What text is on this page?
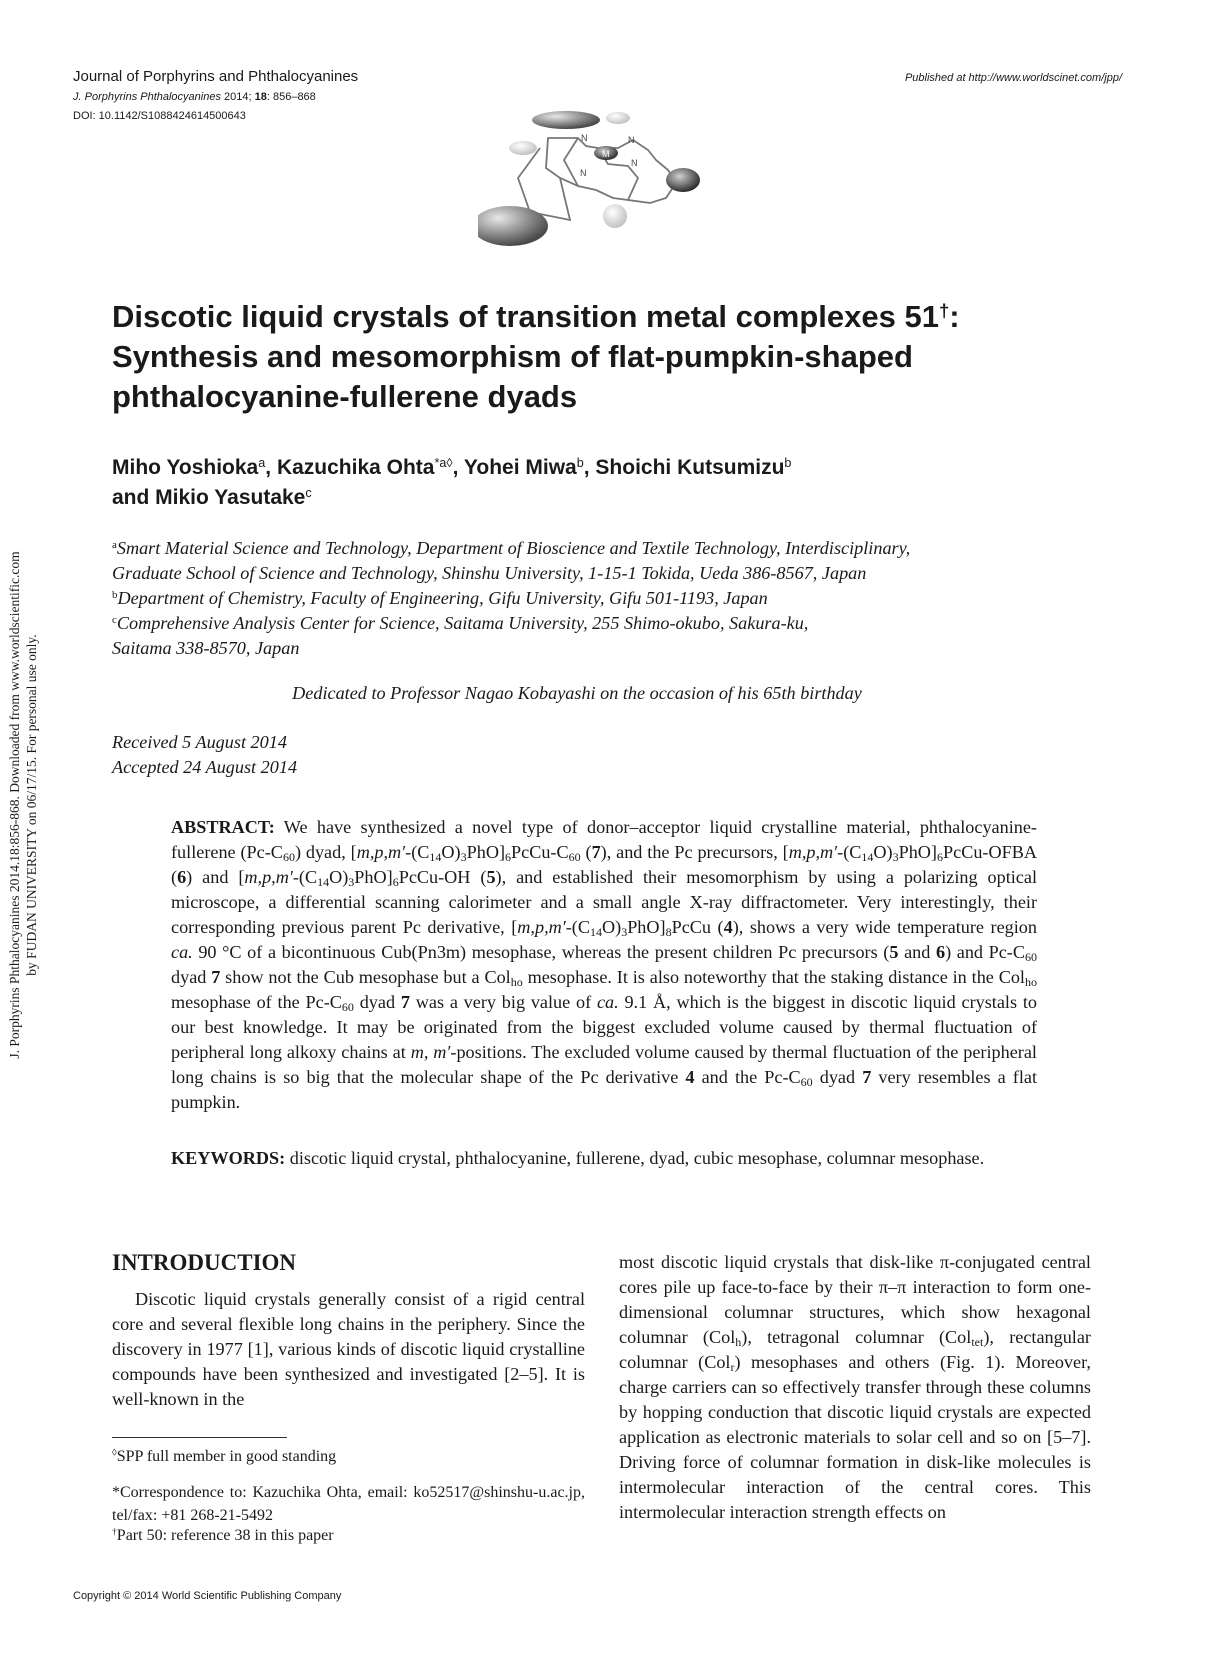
Journal of Porphyrins and Phthalocyanines
J. Porphyrins Phthalocyanines 2014; 18: 856–868
DOI: 10.1142/S1088424614500643
Published at http://www.worldscinet.com/jpp/
M
N	N
N
N
J. Porphyrins Phthalocyanines 2014.18:856-868. Downloaded from www.worldscientific.com by FUDAN UNIVERSITY on 06/17/15. For personal use only.
Discotic liquid crystals of transition metal complexes 51†:
Synthesis and mesomorphism of flat-pumpkin-shaped
phthalocyanine-fullerene dyads
Miho Yoshioka$^a$, Kazuchika Ohta$^{*a◊}$, Yohei Miwa$^b$, Shoichi Kutsumizu$^b$
and Mikio Yasutake$^c$
$^a$Smart Material Science and Technology, Department of Bioscience and Textile Technology, Interdisciplinary,
Graduate School of Science and Technology, Shinshu University, 1-15-1 Tokida, Ueda 386-8567, Japan
$^b$Department of Chemistry, Faculty of Engineering, Gifu University, Gifu 501-1193, Japan
$^c$Comprehensive Analysis Center for Science, Saitama University, 255 Shimo-okubo, Sakura-ku,
Saitama 338-8570, Japan
Dedicated to Professor Nagao Kobayashi on the occasion of his 65th birthday
Received 5 August 2014
Accepted 24 August 2014
ABSTRACT: We have synthesized a novel type of donor–acceptor liquid crystalline material, phthalocyanine-fullerene $(Pc-C_{60})$ dyad, $[m,p,m'-(C_{14}O)_3PhO]_6PcCu-C_{60}$ (7), and the Pc precursors, $[m,p,m'-(C_{14}O)_3PhO]_6PcCu$-OFBA (6) and $[m,p,m'-(C_{14}O)_3PhO]_6PcCu-OH$ (5), and established their mesomorphism by using a polarizing optical microscope, a differential scanning calorimeter and a small angle X-ray diffractometer. Very interestingly, their corresponding previous parent Pc derivative, $[m,p,m'-(C_{14}O)_3PhO]_8PcCu$ (4), shows a very wide temperature region ca. 90 °C of a bicontinuous Cub(Pn3m) mesophase, whereas the present children Pc precursors (5 and 6) and $Pc-C_{60}$ dyad 7 show not the Cub mesophase but a Col$_{ho}$ mesophase. It is also noteworthy that the staking distance in the Col$_{ho}$ mesophase of the $Pc-C_{60}$ dyad 7 was a very big value of ca. 9.1 Å, which is the biggest in discotic liquid crystals to our best knowledge. It may be originated from the biggest excluded volume caused by thermal fluctuation of peripheral long alkoxy chains at m, m′-positions. The excluded volume caused by thermal fluctuation of the peripheral long chains is so big that the molecular shape of the Pc derivative 4 and the $Pc-C_{60}$ dyad 7 very resembles a flat pumpkin.
KEYWORDS: discotic liquid crystal, phthalocyanine, fullerene, dyad, cubic mesophase, columnar mesophase.
INTRODUCTION

Discotic liquid crystals generally consist of a rigid central core and several flexible long chains in the periphery. Since the discovery in 1977 [1], various kinds of discotic liquid crystalline compounds have been synthesized and investigated [2–5]. It is well-known in the

most discotic liquid crystals that disk-like π-conjugated central cores pile up face-to-face by their π–π interaction to form one-dimensional columnar structures, which show hexagonal columnar (Col$_h$), tetragonal columnar (Col$_{tet}$), rectangular columnar (Col$_r$) mesophases and others (Fig. 1). Moreover, charge carriers can so effectively transfer through these columns by hopping conduction that discotic liquid crystals are expected application as electronic materials to solar cell and so on [5–7]. Driving force of columnar formation in disk-like molecules is intermolecular interaction of the central cores. This intermolecular interaction strength effects on

◊SPP full member in good standing
*Correspondence to: Kazuchika Ohta, email: ko52517@shinshu-u.ac.jp, tel/fax: +81 268-21-5492
†Part 50: reference 38 in this paper
Copyright © 2014 World Scientific Publishing Company
